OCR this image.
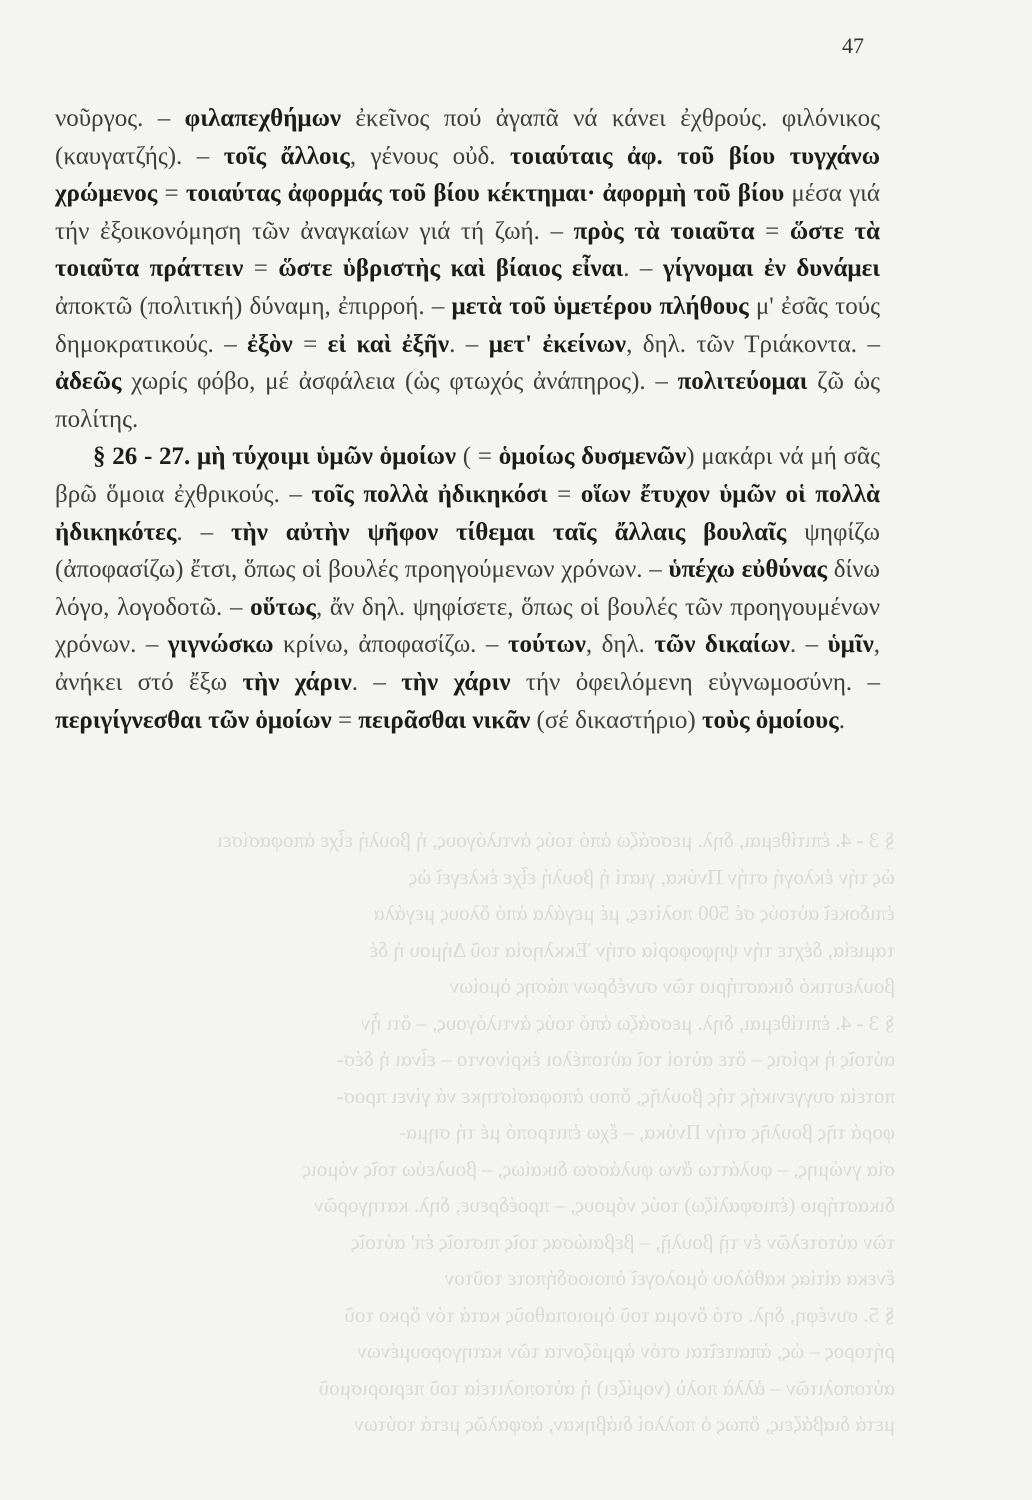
47
§ 3 - 4. ἐπιτίθεμαι, δηλ. μεσσάζω ἀπό τούς ἀντιλόγους, ἡ βουλή εἶχε ἀποφασίσει
ὡς τήν ἐκλογή στήν Πνύκα, γιατί ἡ βουλή εἶχε ἐκλεγεῖ ὡς
ἐπιδοκεῖ αὐτούς σέ 500 πολίτες, μέ μεγάλα ἀπό ὅλους μεγάλα
ταμιεία, δέχτε τήν ψηφοφορία στήν Ἐκκλησία τοῦ Δήμου ἡ δέ
βουλευτικό δικαστήριο τῶν συνέδρων πάσης ὁμοίων
§ 3 - 4. ἐπιτίθεμαι, δηλ. μεσσάζω ἀπό τούς ἀντιλόγους, – ὅτι ἦν
αὐτοῖς ἡ κρίσις – ὅτε αὐτοί τοῖ αὐτοπέλοι ἐκρίνοντο – εἶναι ἡ δέσ-
ποτεία συγγενικής τής βουλῆς, ὅπου ἀποφασίστηκε νά γίνει προσ-
φορά τῆς βουλῆς στήν Πνύκα, – ἔχω ἐπιτροπό μέ τή σημα-
σία γνώμης, – φυλάττω ἄνω φυλάσσω δικαίως, – βουλεύω τοῖς νόμοις
δικαστήριο (ἐπισφαλίζω) τούς νόμους, – προέδρευε, δηλ. κατηγορῶν
τῶν αὐτοτελῶν ἐν τῇ βουλῇ, – βεβαιώσας τοῖς πιστοῖς ἐπ' αὐτοῖς
ἕνεκα αἰτίας καθόλου ὁμολογεῖ ὁποιοσδήποτε τοῦτον
§ 5. συνέφη, δηλ. στό ὄνομα τοῦ ὁμοιοπαθοῦς κατά τόν ὅρκο τοῦ
ρήτορος – ὡς, ἀπαιτεῖται στόν ἀρμόζοντα τῶν κατηγορουμένων
αὐτοπολιτῶν – ἀλλὰ πολὺ (νομίζει) ἡ αὐτοπολιτεία τοῦ περιορισμοῦ
μετά διαβάζεις, ὅπως ὁ πολλοί διάβηκαν, ἀσφαλῶς μετά τούτων

νοῦργος. – φιλαπεχθήμων ἐκεῖνος πού ἀγαπᾶ νά κάνει ἐχθρούς. φιλόνικος (καυγατζής). – τοῖς ἄλλοις, γένους οὐδ. τοιαύταις ἀφ. τοῦ βίου τυγχάνω χρώμενος = τοιαύτας ἀφορμάς τοῦ βίου κέκτημαι· ἀφορμὴ τοῦ βίου μέσα γιά τήν ἐξοικονόμηση τῶν ἀναγκαίων γιά τή ζωή. – πρὸς τὰ τοιαῦτα = ὥστε τὰ τοιαῦτα πράττειν = ὥστε ὑβριστὴς καὶ βίαιος εἶναι. – γίγνομαι ἐν δυνάμει ἀποκτῶ (πολιτική) δύναμη, ἐπιρροή. – μετὰ τοῦ ὑμετέρου πλήθους μ' ἐσᾶς τούς δημοκρατικούς. – ἐξὸν = εἰ καὶ ἐξῆν. – μετ' ἐκείνων, δηλ. τῶν Τριάκοντα. – ἀδεῶς χωρίς φόβο, μέ ἀσφάλεια (ὡς φτωχός ἀνάπηρος). – πολιτεύομαι ζῶ ὡς πολίτης.

§ 26 - 27. μὴ τύχοιμι ὑμῶν ὁμοίων ( = ὁμοίως δυσμενῶν) μακάρι νά μή σᾶς βρῶ ὅμοια ἐχθρικούς. – τοῖς πολλὰ ἠδικηκόσι = οἵων ἔτυχον ὑμῶν οἱ πολλὰ ἠδικηκότες. – τὴν αὐτὴν ψῆφον τίθεμαι ταῖς ἄλλαις βουλαῖς ψηφίζω (ἀποφασίζω) ἔτσι, ὅπως οἱ βουλές προηγούμενων χρόνων. – ὑπέχω εὐθύνας δίνω λόγο, λογοδοτῶ. – οὕτως, ἄν δηλ. ψηφίσετε, ὅπως οἱ βουλές τῶν προηγουμένων χρόνων. – γιγνώσκω κρίνω, ἀποφασίζω. – τούτων, δηλ. τῶν δικαίων. – ὑμῖν, ἀνήκει στό ἔξω τὴν χάριν. – τὴν χάριν τήν ὀφειλόμενη εὐγνωμοσύνη. – περιγίγνεσθαι τῶν ὁμοίων = πειρᾶσθαι νικᾶν (σέ δικαστήριο) τοὺς ὁμοίους.
